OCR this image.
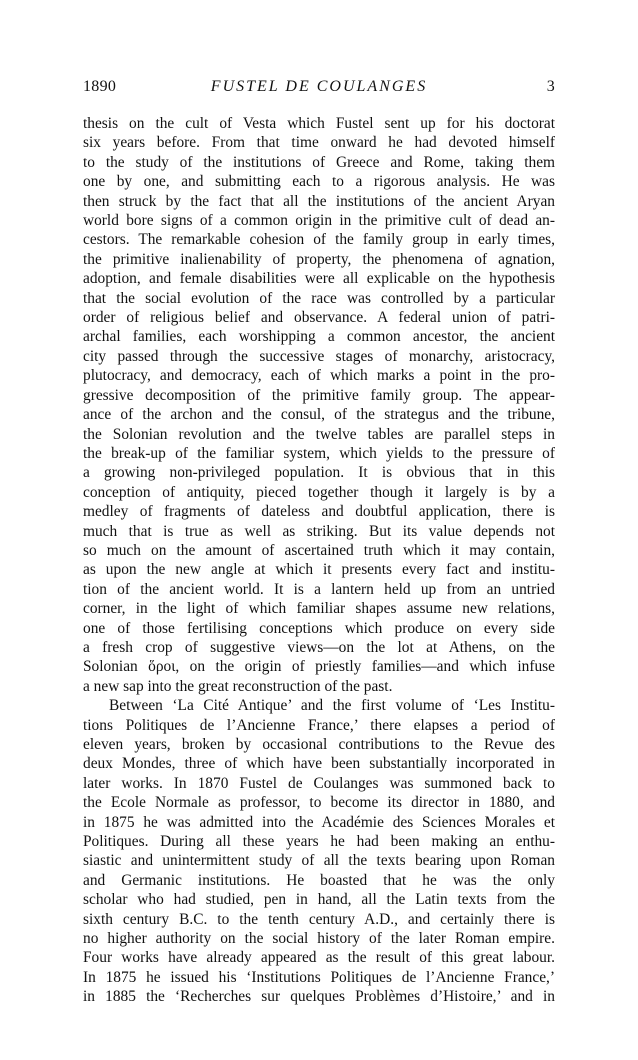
1890	FUSTEL DE COULANGES	3
thesis on the cult of Vesta which Fustel sent up for his doctorat
six years before. From that time onward he had devoted himself
to the study of the institutions of Greece and Rome, taking them
one by one, and submitting each to a rigorous analysis. He was
then struck by the fact that all the institutions of the ancient Aryan
world bore signs of a common origin in the primitive cult of dead an-
cestors. The remarkable cohesion of the family group in early times,
the primitive inalienability of property, the phenomena of agnation,
adoption, and female disabilities were all explicable on the hypothesis
that the social evolution of the race was controlled by a particular
order of religious belief and observance. A federal union of patri-
archal families, each worshipping a common ancestor, the ancient
city passed through the successive stages of monarchy, aristocracy,
plutocracy, and democracy, each of which marks a point in the pro-
gressive decomposition of the primitive family group. The appear-
ance of the archon and the consul, of the strategus and the tribune,
the Solonian revolution and the twelve tables are parallel steps in
the break-up of the familiar system, which yields to the pressure of
a growing non-privileged population. It is obvious that in this
conception of antiquity, pieced together though it largely is by a
medley of fragments of dateless and doubtful application, there is
much that is true as well as striking. But its value depends not
so much on the amount of ascertained truth which it may contain,
as upon the new angle at which it presents every fact and institu-
tion of the ancient world. It is a lantern held up from an untried
corner, in the light of which familiar shapes assume new relations,
one of those fertilising conceptions which produce on every side
a fresh crop of suggestive views—on the lot at Athens, on the
Solonian ὅροι, on the origin of priestly families—and which infuse
a new sap into the great reconstruction of the past.
Between ‘La Cité Antique’ and the first volume of ‘Les Institu-
tions Politiques de l’Ancienne France,’ there elapses a period of
eleven years, broken by occasional contributions to the Revue des
deux Mondes, three of which have been substantially incorporated in
later works. In 1870 Fustel de Coulanges was summoned back to
the Ecole Normale as professor, to become its director in 1880, and
in 1875 he was admitted into the Académie des Sciences Morales et
Politiques. During all these years he had been making an enthu-
siastic and unintermittent study of all the texts bearing upon Roman
and Germanic institutions. He boasted that he was the only
scholar who had studied, pen in hand, all the Latin texts from the
sixth century B.C. to the tenth century A.D., and certainly there is
no higher authority on the social history of the later Roman empire.
Four works have already appeared as the result of this great labour.
In 1875 he issued his ‘Institutions Politiques de l’Ancienne France,’
in 1885 the ‘Recherches sur quelques Problèmes d’Histoire,’ and in
